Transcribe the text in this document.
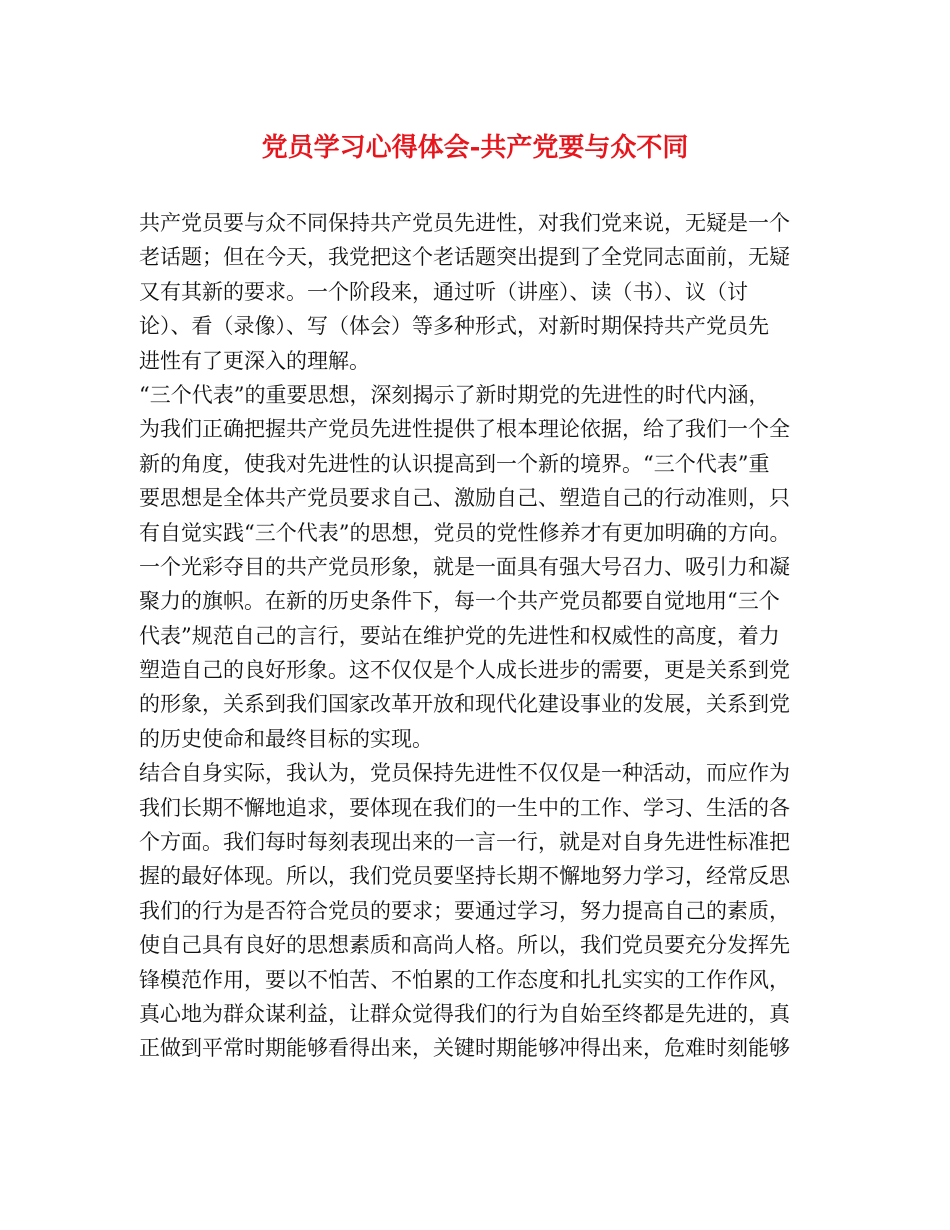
党员学习心得体会-共产党要与众不同
共产党员要与众不同保持共产党员先进性，对我们党来说，无疑是一个
老话题；但在今天，我党把这个老话题突出提到了全党同志面前，无疑
又有其新的要求。一个阶段来，通过听（讲座）、读（书）、议（讨
论）、看（录像）、写（体会）等多种形式，对新时期保持共产党员先
进性有了更深入的理解。
“三个代表”的重要思想，深刻揭示了新时期党的先进性的时代内涵，
为我们正确把握共产党员先进性提供了根本理论依据，给了我们一个全
新的角度，使我对先进性的认识提高到一个新的境界。“三个代表”重
要思想是全体共产党员要求自己、激励自己、塑造自己的行动准则，只
有自觉实践“三个代表”的思想，党员的党性修养才有更加明确的方向。
一个光彩夺目的共产党员形象，就是一面具有强大号召力、吸引力和凝
聚力的旗帜。在新的历史条件下，每一个共产党员都要自觉地用“三个
代表”规范自己的言行，要站在维护党的先进性和权威性的高度，着力
塑造自己的良好形象。这不仅仅是个人成长进步的需要，更是关系到党
的形象，关系到我们国家改革开放和现代化建设事业的发展，关系到党
的历史使命和最终目标的实现。
结合自身实际，我认为，党员保持先进性不仅仅是一种活动，而应作为
我们长期不懈地追求，要体现在我们的一生中的工作、学习、生活的各
个方面。我们每时每刻表现出来的一言一行，就是对自身先进性标准把
握的最好体现。所以，我们党员要坚持长期不懈地努力学习，经常反思
我们的行为是否符合党员的要求；要通过学习，努力提高自己的素质，
使自己具有良好的思想素质和高尚人格。所以，我们党员要充分发挥先
锋模范作用，要以不怕苦、不怕累的工作态度和扎扎实实的工作作风，
真心地为群众谋利益，让群众觉得我们的行为自始至终都是先进的，真
正做到平常时期能够看得出来，关键时期能够冲得出来，危难时刻能够
